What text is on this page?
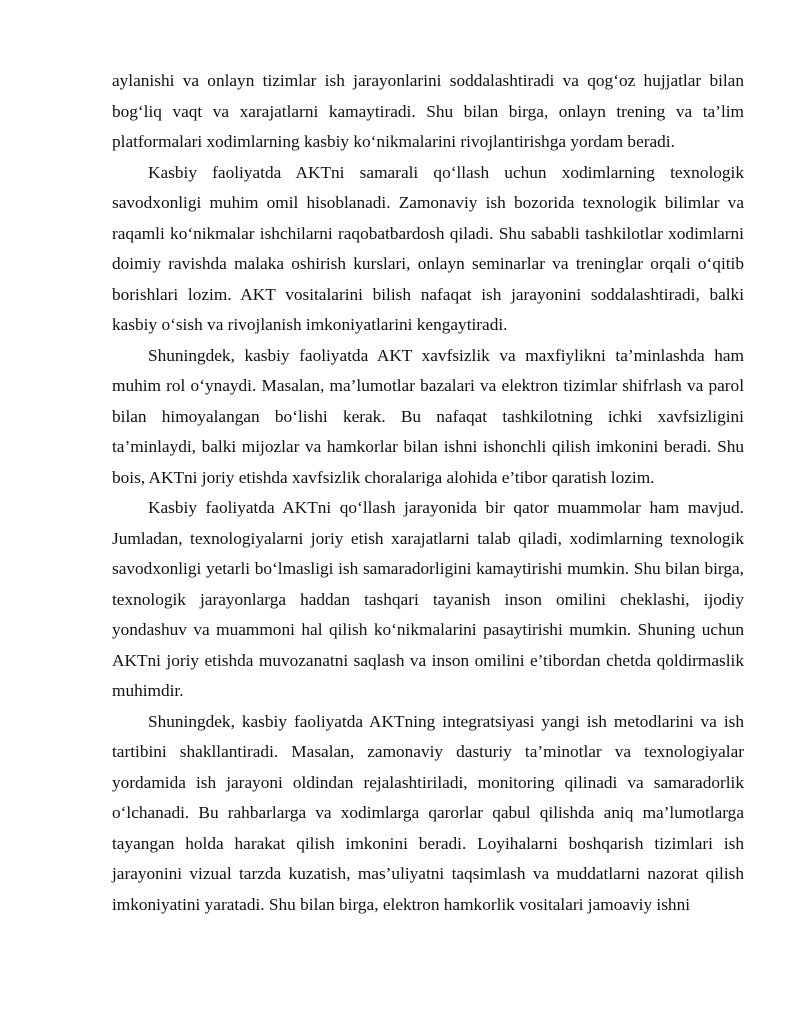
aylanishi va onlayn tizimlar ish jarayonlarini soddalashtiradi va qog‘oz hujjatlar bilan bog‘liq vaqt va xarajatlarni kamaytiradi. Shu bilan birga, onlayn trening va ta’lim platformalari xodimlarning kasbiy ko‘nikmalarini rivojlantirishga yordam beradi.

Kasbiy faoliyatda AKTni samarali qo‘llash uchun xodimlarning texnologik savodxonligi muhim omil hisoblanadi. Zamonaviy ish bozorida texnologik bilimlar va raqamli ko‘nikmalar ishchilarni raqobatbardosh qiladi. Shu sababli tashkilotlar xodimlarni doimiy ravishda malaka oshirish kurslari, onlayn seminarlar va treninglar orqali o‘qitib borishlari lozim. AKT vositalarini bilish nafaqat ish jarayonini soddalashtiradi, balki kasbiy o‘sish va rivojlanish imkoniyatlarini kengaytiradi.

Shuningdek, kasbiy faoliyatda AKT xavfsizlik va maxfiylikni ta’minlashda ham muhim rol o‘ynaydi. Masalan, ma’lumotlar bazalari va elektron tizimlar shifrlash va parol bilan himoyalangan bo‘lishi kerak. Bu nafaqat tashkilotning ichki xavfsizligini ta’minlaydi, balki mijozlar va hamkorlar bilan ishni ishonchli qilish imkonini beradi. Shu bois, AKTni joriy etishda xavfsizlik choralariga alohida e’tibor qaratish lozim.

Kasbiy faoliyatda AKTni qo‘llash jarayonida bir qator muammolar ham mavjud. Jumladan, texnologiyalarni joriy etish xarajatlarni talab qiladi, xodimlarning texnologik savodxonligi yetarli bo‘lmasligi ish samaradorligini kamaytirishi mumkin. Shu bilan birga, texnologik jarayonlarga haddan tashqari tayanish inson omilini cheklashi, ijodiy yondashuv va muammoni hal qilish ko‘nikmalarini pasaytirishi mumkin. Shuning uchun AKTni joriy etishda muvozanatni saqlash va inson omilini e’tibordan chetda qoldirmaslik muhimdir.

Shuningdek, kasbiy faoliyatda AKTning integratsiyasi yangi ish metodlarini va ish tartibini shakllantiradi. Masalan, zamonaviy dasturiy ta’minotlar va texnologiyalar yordamida ish jarayoni oldindan rejalashtiriladi, monitoring qilinadi va samaradorlik o‘lchanadi. Bu rahbarlarga va xodimlarga qarorlar qabul qilishda aniq ma’lumotlarga tayangan holda harakat qilish imkonini beradi. Loyihalarni boshqarish tizimlari ish jarayonini vizual tarzda kuzatish, mas’uliyatni taqsimlash va muddatlarni nazorat qilish imkoniyatini yaratadi. Shu bilan birga, elektron hamkorlik vositalari jamoaviy ishni
